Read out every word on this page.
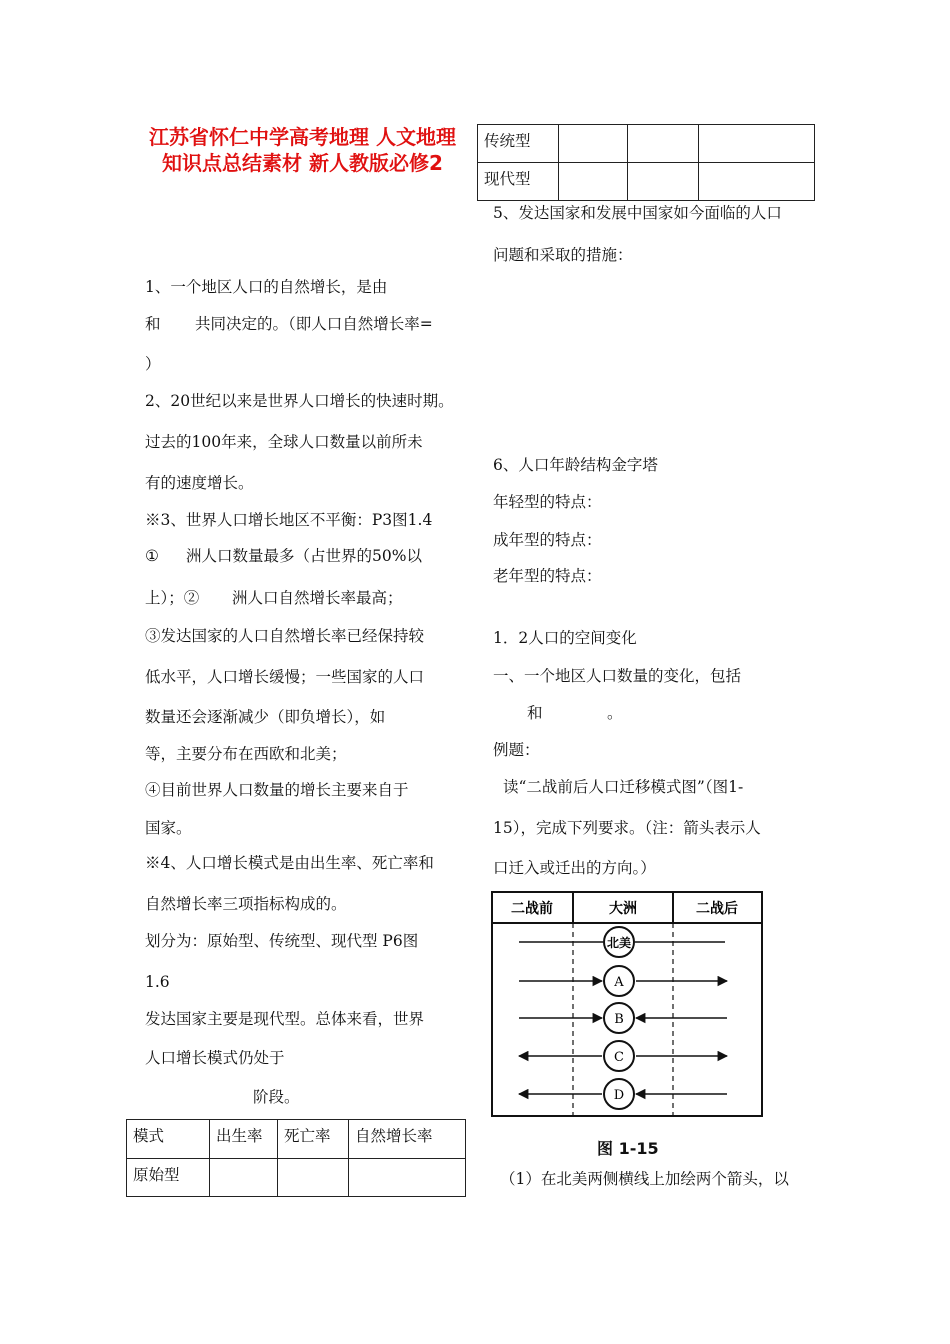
江苏省怀仁中学高考地理 人文地理知识点总结素材 新人教版必修2
1、一个地区人口的自然增长，是由
和 共同决定的。（即人口自然增长率=
）
2、20世纪以来是世界人口增长的快速时期。
过去的100年来，全球人口数量以前所未
有的速度增长。
※3、世界人口增长地区不平衡：P3图1.4
① 洲人口数量最多（占世界的50%以
上）；② 洲人口自然增长率最高；
③发达国家的人口自然增长率已经保持较
低水平，人口增长缓慢；一些国家的人口
数量还会逐渐减少（即负增长），如
等，主要分布在西欧和北美；
④目前世界人口数量的增长主要来自于
国家。
※4、人口增长模式是由出生率、死亡率和
自然增长率三项指标构成的。
划分为：原始型、传统型、现代型 P6图
1.6
发达国家主要是现代型。总体来看，世界
人口增长模式仍处于
阶段。
模式	出生率	死亡率	自然增长率
原始型			
传统型			
现代型			
5、发达国家和发展中国家如今面临的人口
问题和采取的措施：
6、人口年龄结构金字塔
年轻型的特点：
成年型的特点：
老年型的特点：
1．2人口的空间变化
一、一个地区人口数量的变化，包括
和	。
例题：
读“二战前后人口迁移模式图”（图1-
15），完成下列要求。（注：箭头表示人
口迁入或迁出的方向。）
（1）在北美两侧横线上加绘两个箭头，以
二战前	大洲	二战后
北美
A
B
C
D
图 1-15
